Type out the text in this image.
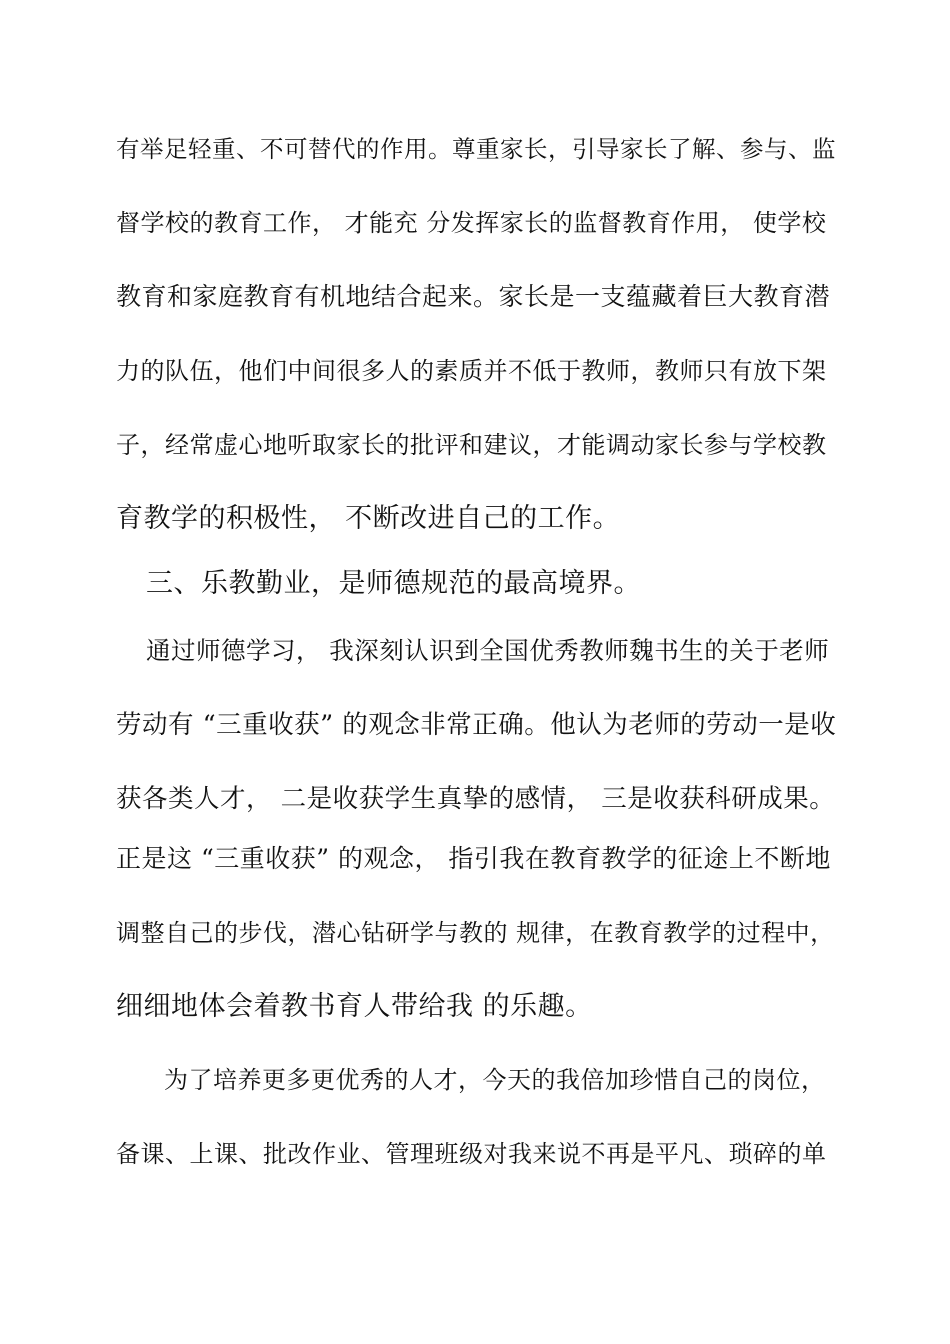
有举足轻重、不可替代的作用。尊重家长，引导家长了解、参与、监
督学校的教育工作， 才能充 分发挥家长的监督教育作用， 使学校
教育和家庭教育有机地结合起来。家长是一支蕴藏着巨大教育潜
力的队伍，他们中间很多人的素质并不低于教师，教师只有放下架
子，经常虚心地听取家长的批评和建议，才能调动家长参与学校教
育教学的积极性， 不断改进自己的工作。
三、乐教勤业，是师德规范的最高境界。
通过师德学习， 我深刻认识到全国优秀教师魏书生的关于老师
劳动有 “三重收获” 的观念非常正确。他认为老师的劳动一是收
获各类人才， 二是收获学生真挚的感情， 三是收获科研成果。
正是这 “三重收获” 的观念， 指引我在教育教学的征途上不断地
调整自己的步伐，潜心钻研学与教的 规律，在教育教学的过程中，
细细地体会着教书育人带给我 的乐趣。
为了培养更多更优秀的人才，今天的我倍加珍惜自己的岗位，
备课、上课、批改作业、管理班级对我来说不再是平凡、琐碎的单
